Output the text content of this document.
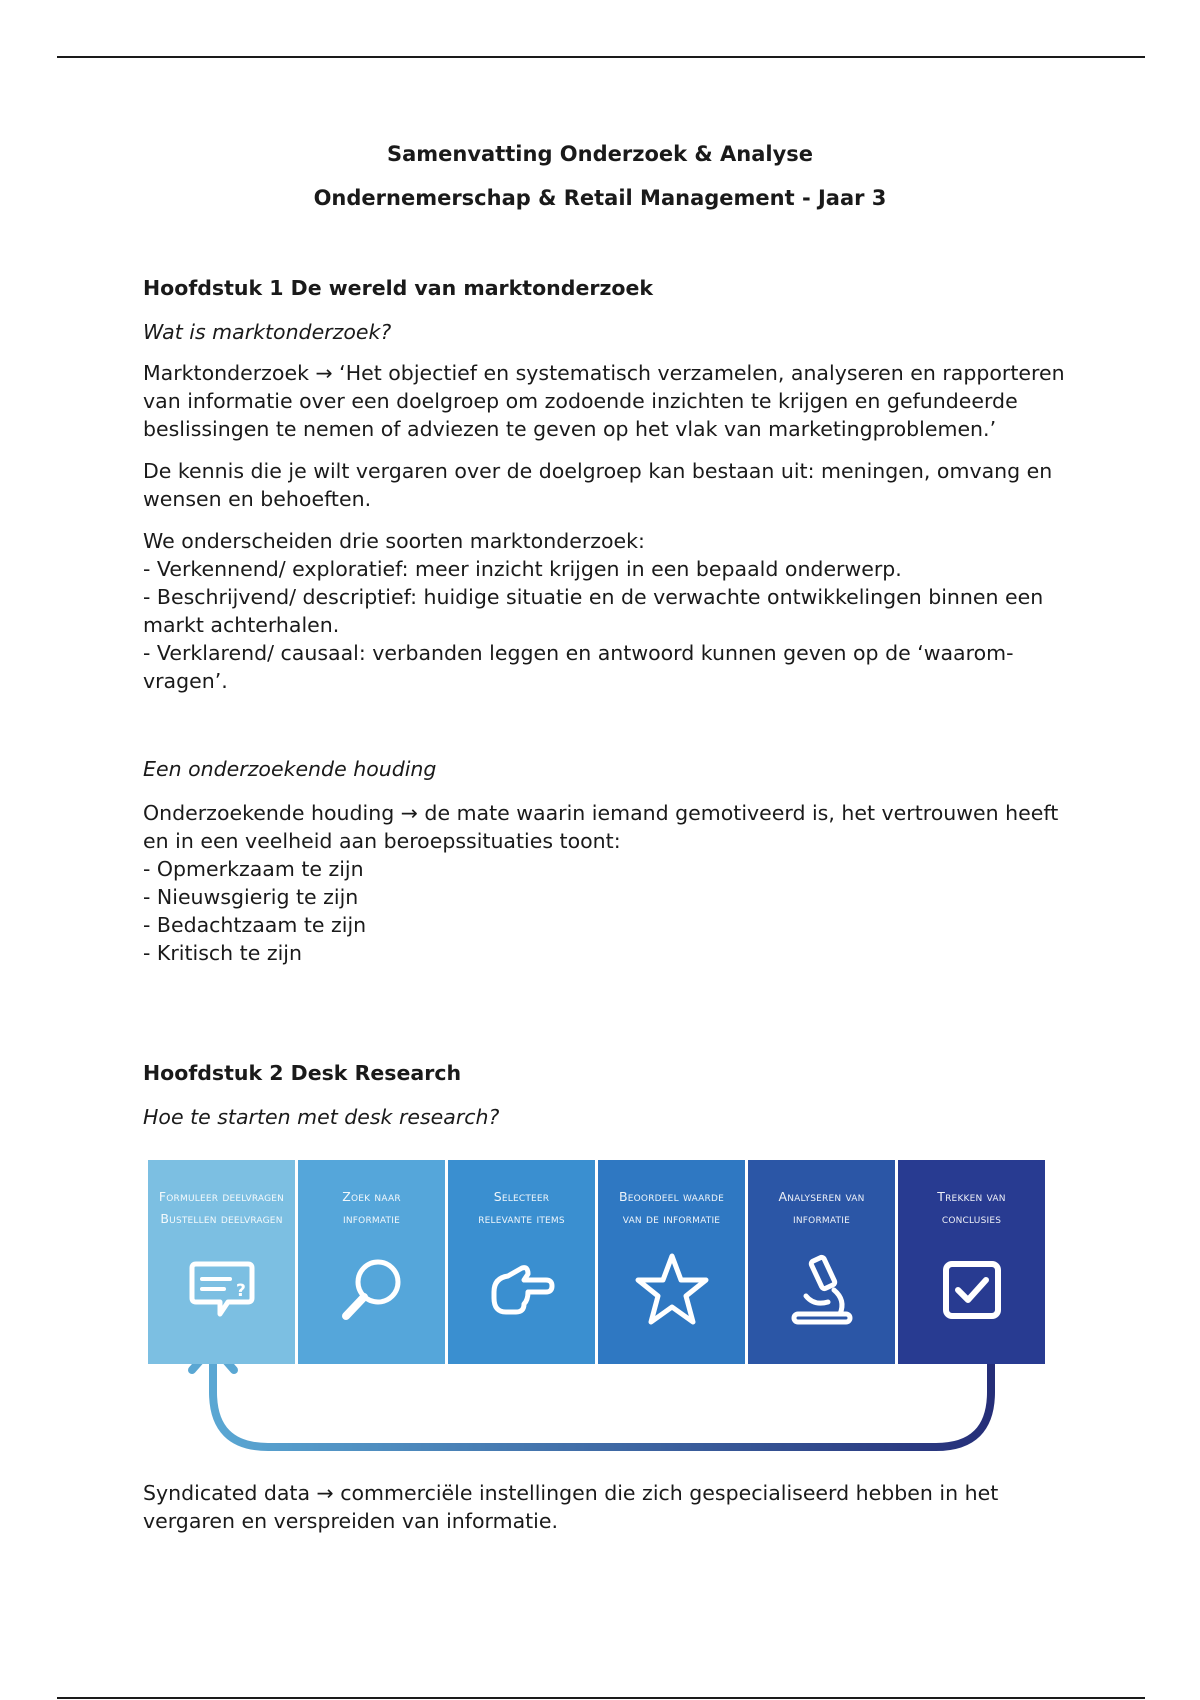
Samenvatting Onderzoek & Analyse
Ondernemerschap & Retail Management - Jaar 3

Hoofdstuk 1 De wereld van marktonderzoek

Wat is marktonderzoek?

Marktonderzoek → ‘Het objectief en systematisch verzamelen, analyseren en rapporteren van informatie over een doelgroep om zodoende inzichten te krijgen en gefundeerde beslissingen te nemen of adviezen te geven op het vlak van marketingproblemen.’

De kennis die je wilt vergaren over de doelgroep kan bestaan uit: meningen, omvang en wensen en behoeften.

We onderscheiden drie soorten marktonderzoek:

- Verkennend/ exploratief: meer inzicht krijgen in een bepaald onderwerp.

- Beschrijvend/ descriptief: huidige situatie en de verwachte ontwikkelingen binnen een markt achterhalen.

- Verklarend/ causaal: verbanden leggen en antwoord kunnen geven op de ‘waarom-vragen’.

Een onderzoekende houding

Onderzoekende houding → de mate waarin iemand gemotiveerd is, het vertrouwen heeft en in een veelheid aan beroepssituaties toont:

- Opmerkzaam te zijn

- Nieuwsgierig te zijn

- Bedachtzaam te zijn

- Kritisch te zijn

Hoofdstuk 2 Desk Research

Hoe te starten met desk research?

Formuleer deelvragen
Bustellen deelvragen
?
Zoek naar
informatie
Selecteer
relevante items
Beoordeel waarde
van de informatie
Analyseren van
informatie
Trekken van
conclusies

Syndicated data → commerciële instellingen die zich gespecialiseerd hebben in het vergaren en verspreiden van informatie.
